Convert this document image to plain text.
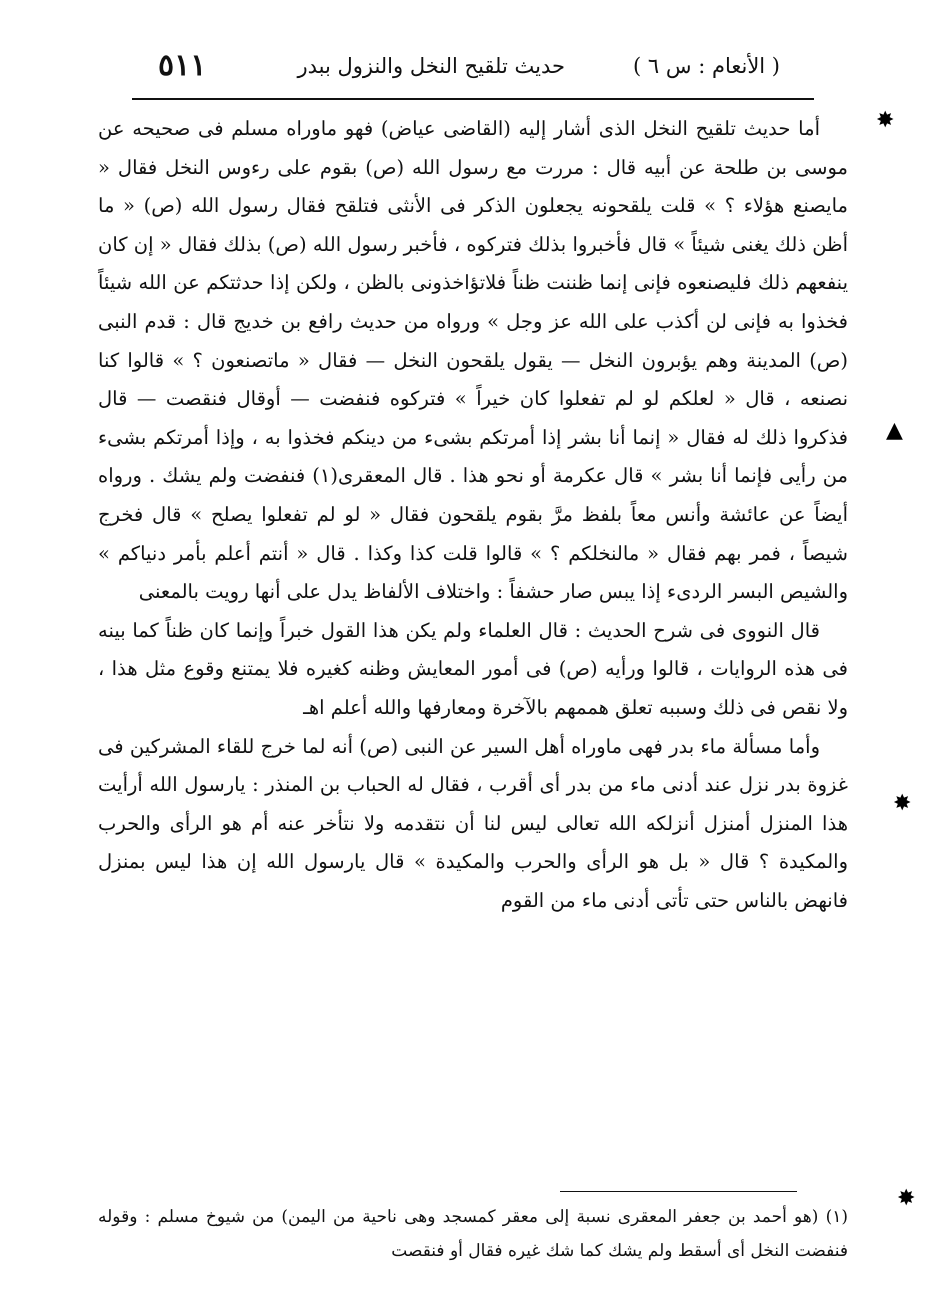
( الأنعام : س ٦ )
حديث تلقيح النخل والنزول ببدر
٥١١

أما حديث تلقيح النخل الذى أشار إليه (القاضى عياض) فهو ماوراه مسلم فى صحيحه عن موسى بن طلحة عن أبيه قال : مررت مع رسول الله (ص) بقوم على رءوس النخل فقال « مايصنع هؤلاء ؟ » قلت يلقحونه يجعلون الذكر فى الأنثى فتلقح فقال رسول الله (ص) « ما أظن ذلك يغنى شيئاً » قال فأخبروا بذلك فتركوه ، فأخبر رسول الله (ص) بذلك فقال « إن كان ينفعهم ذلك فليصنعوه فإنى إنما ظننت ظناً فلاتؤاخذونى بالظن ، ولكن إذا حدثتكم عن الله شيئاً فخذوا به فإنى لن أكذب على الله عز وجل » ورواه من حديث رافع بن خديج قال : قدم النبى (ص) المدينة وهم يؤبرون النخل — يقول يلقحون النخل — فقال « ماتصنعون ؟ » قالوا كنا نصنعه ، قال « لعلكم لو لم تفعلوا كان خيراً » فتركوه فنفضت — أوقال فنقصت — قال فذكروا ذلك له فقال « إنما أنا بشر إذا أمرتكم بشىء من دينكم فخذوا به ، وإذا أمرتكم بشىء من رأيى فإنما أنا بشر » قال عكرمة أو نحو هذا . قال المعقرى(١) فنفضت ولم يشك . ورواه أيضاً عن عائشة وأنس معاً بلفظ مرَّ بقوم يلقحون فقال « لو لم تفعلوا يصلح » قال فخرج شيصاً ، فمر بهم فقال « مالنخلكم ؟ » قالوا قلت كذا وكذا . قال « أنتم أعلم بأمر دنياكم » والشيص البسر الردىء إذا يبس صار حشفاً : واختلاف الألفاظ يدل على أنها رويت بالمعنى

قال النووى فى شرح الحديث : قال العلماء ولم يكن هذا القول خبراً وإنما كان ظناً كما بينه فى هذه الروايات ، قالوا ورأيه (ص) فى أمور المعايش وظنه كغيره فلا يمتنع وقوع مثل هذا ، ولا نقص فى ذلك وسببه تعلق هممهم بالآخرة ومعارفها والله أعلم اهـ

وأما مسألة ماء بدر فهى ماوراه أهل السير عن النبى (ص) أنه لما خرج للقاء المشركين فى غزوة بدر نزل عند أدنى ماء من بدر أى أقرب ، فقال له الحباب بن المنذر : يارسول الله أرأيت هذا المنزل أمنزل أنزلكه الله تعالى ليس لنا أن نتقدمه ولا نتأخر عنه أم هو الرأى والحرب والمكيدة ؟ قال « بل هو الرأى والحرب والمكيدة » قال يارسول الله إن هذا ليس بمنزل فانهض بالناس حتى تأتى أدنى ماء من القوم

(١) (هو أحمد بن جعفر المعقرى نسبة إلى معقر كمسجد وهى ناحية من اليمن) من شيوخ مسلم : وقوله فنفضت النخل أى أسقط ولم يشك كما شك غيره فقال أو فنقصت

✸
▲
✸
✸
